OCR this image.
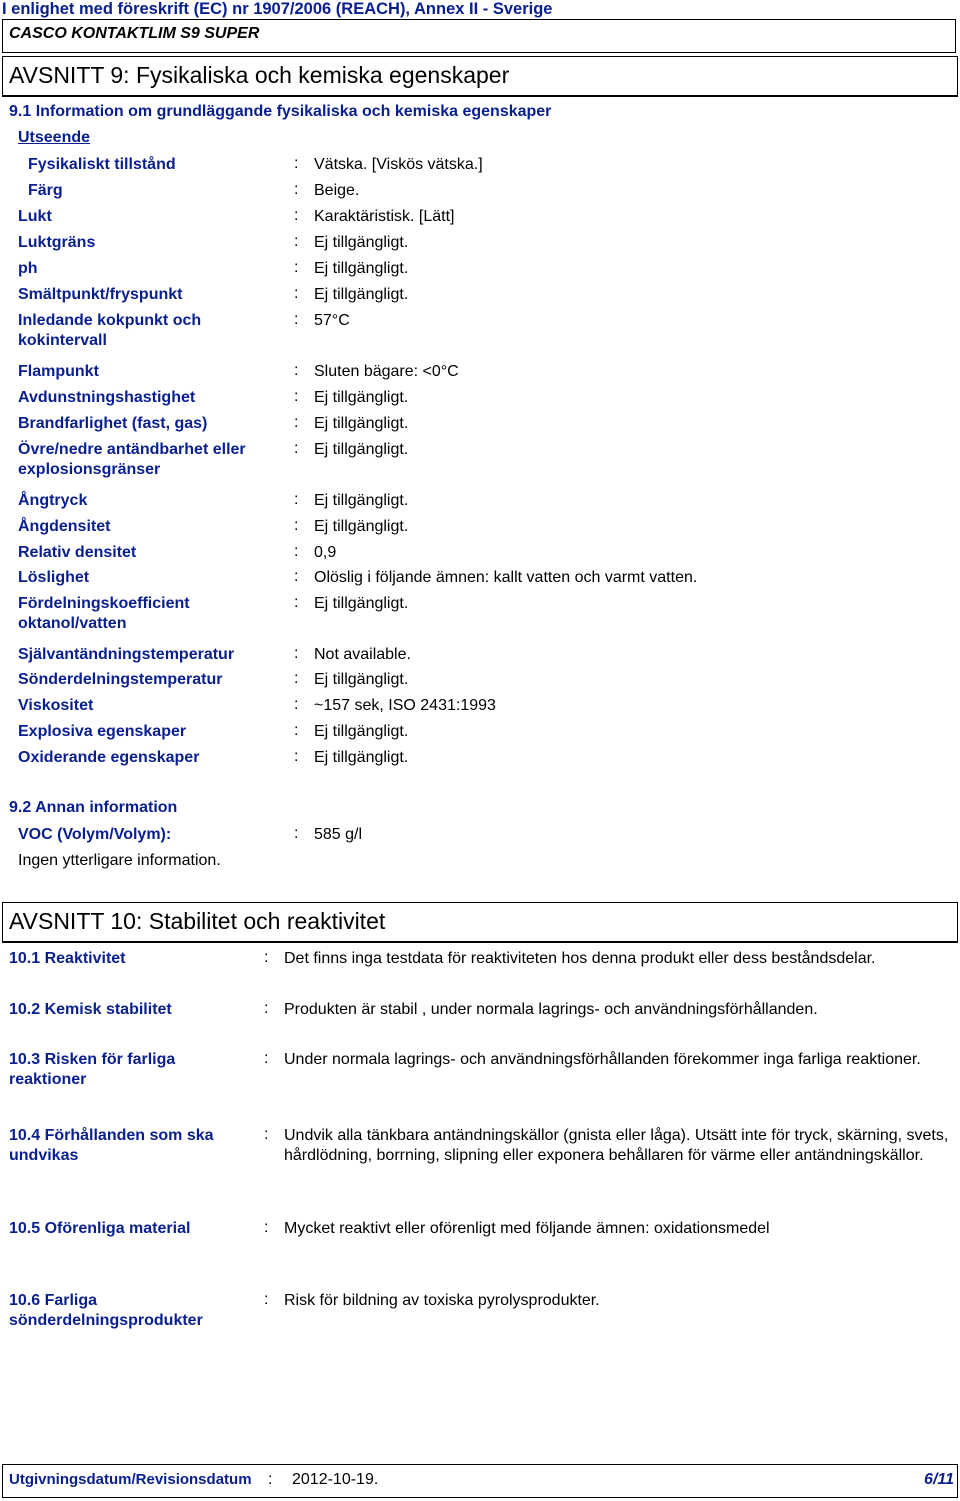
I enlighet med föreskrift (EC) nr 1907/2006 (REACH), Annex II - Sverige
CASCO KONTAKTLIM S9 SUPER
AVSNITT 9: Fysikaliska och kemiska egenskaper
9.1 Information om grundläggande fysikaliska och kemiska egenskaper
Utseende
Fysikaliskt tillstånd	: Vätska. [Viskös vätska.]
Färg	: Beige.
Lukt	: Karaktäristisk. [Lätt]
Luktgräns	: Ej tillgängligt.
ph	: Ej tillgängligt.
Smältpunkt/fryspunkt	: Ej tillgängligt.
Inledande kokpunkt och kokintervall
: 57°C
Flampunkt	: Sluten bägare: <0°C
Avdunstningshastighet	: Ej tillgängligt.
Brandfarlighet (fast, gas)	: Ej tillgängligt.
Övre/nedre antändbarhet eller explosionsgränser
: Ej tillgängligt.
Ångtryck	: Ej tillgängligt.
Ångdensitet	: Ej tillgängligt.
Relativ densitet	: 0,9
Löslighet	: Olöslig i följande ämnen: kallt vatten och varmt vatten.
Fördelningskoefficient oktanol/vatten
: Ej tillgängligt.
Självantändningstemperatur	: Not available.
Sönderdelningstemperatur	: Ej tillgängligt.
Viskositet	: ~157 sek, ISO 2431:1993
Explosiva egenskaper	: Ej tillgängligt.
Oxiderande egenskaper	: Ej tillgängligt.
9.2 Annan information
VOC (Volym/Volym):	: 585 g/l
Ingen ytterligare information.
AVSNITT 10: Stabilitet och reaktivitet
10.1 Reaktivitet	: Det finns inga testdata för reaktiviteten hos denna produkt eller dess beståndsdelar.
10.2 Kemisk stabilitet	: Produkten är stabil , under normala lagrings- och användningsförhållanden.
10.3 Risken för farliga reaktioner
: Under normala lagrings- och användningsförhållanden förekommer inga farliga reaktioner.
10.4 Förhållanden som ska undvikas
: Undvik alla tänkbara antändningskällor (gnista eller låga). Utsätt inte för tryck, skärning, svets, hårdlödning, borrning, slipning eller exponera behållaren för värme eller antändningskällor.
10.5 Oförenliga material	: Mycket reaktivt eller oförenligt med följande ämnen: oxidationsmedel
10.6 Farliga sönderdelningsprodukter
: Risk för bildning av toxiska pyrolysprodukter.
Utgivningsdatum/Revisionsdatum : 2012-10-19.	6/11
